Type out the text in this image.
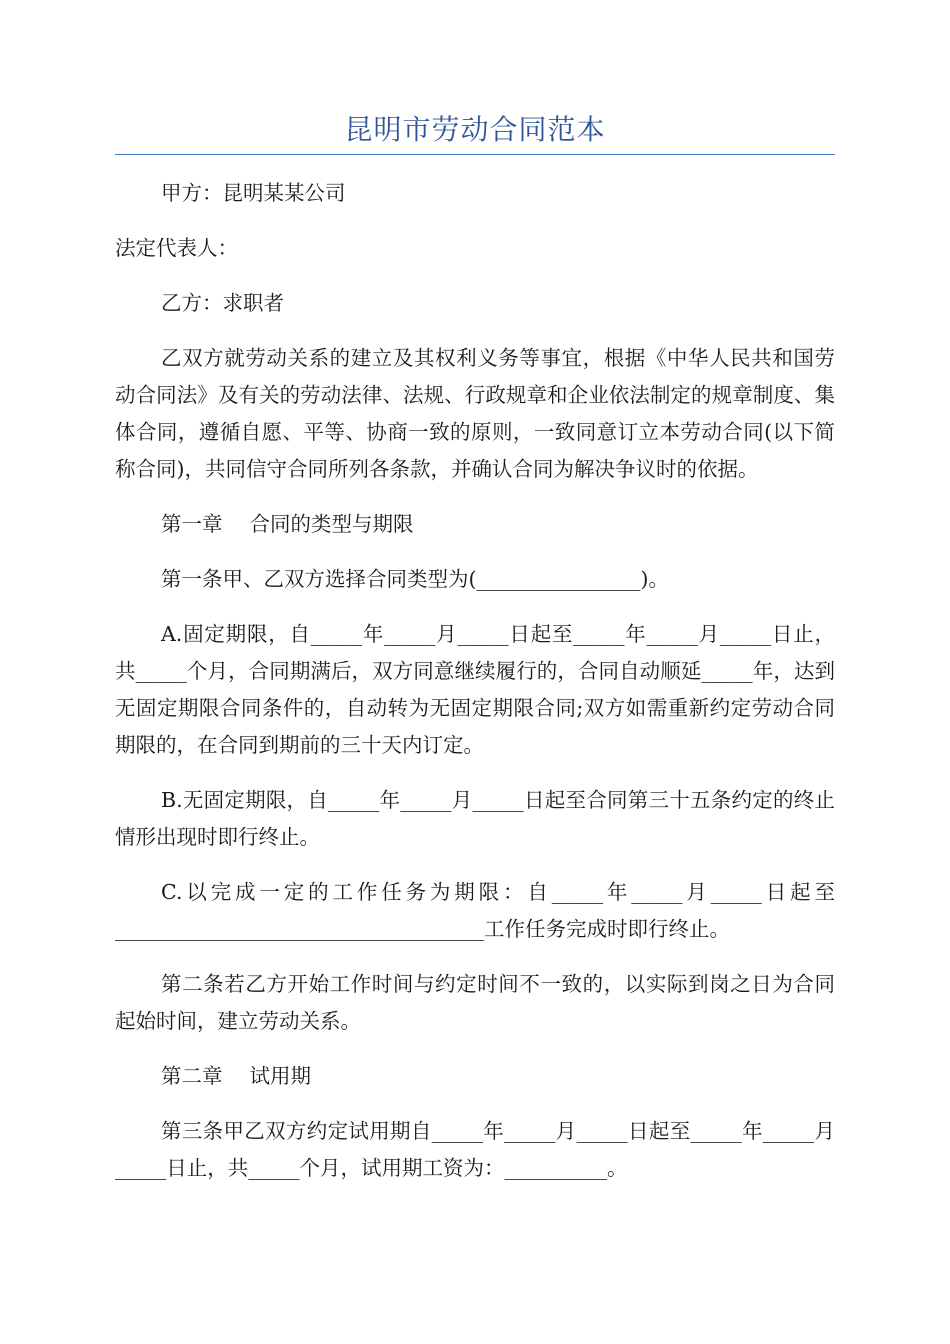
昆明市劳动合同范本

甲方：昆明某某公司

法定代表人：

乙方：求职者

乙双方就劳动关系的建立及其权利义务等事宜，根据《中华人民共和国劳动合同法》及有关的劳动法律、法规、行政规章和企业依法制定的规章制度、集体合同，遵循自愿、平等、协商一致的原则，一致同意订立本劳动合同(以下简称合同)，共同信守合同所列各条款，并确认合同为解决争议时的依据。

第一章　 合同的类型与期限

第一条甲、乙双方选择合同类型为(________________)。

A.固定期限，自_____年_____月_____日起至_____年_____月_____日止，共_____个月，合同期满后，双方同意继续履行的，合同自动顺延_____年，达到无固定期限合同条件的，自动转为无固定期限合同;双方如需重新约定劳动合同期限的，在合同到期前的三十天内订定。

B.无固定期限，自_____年_____月_____日起至合同第三十五条约定的终止情形出现时即行终止。

C.以完成一定的工作任务为期限：自_____年_____月_____日起至____________________________________工作任务完成时即行终止。

第二条若乙方开始工作时间与约定时间不一致的，以实际到岗之日为合同起始时间，建立劳动关系。

第二章　 试用期

第三条甲乙双方约定试用期自_____年_____月_____日起至_____年_____月_____日止，共_____个月，试用期工资为：__________。
